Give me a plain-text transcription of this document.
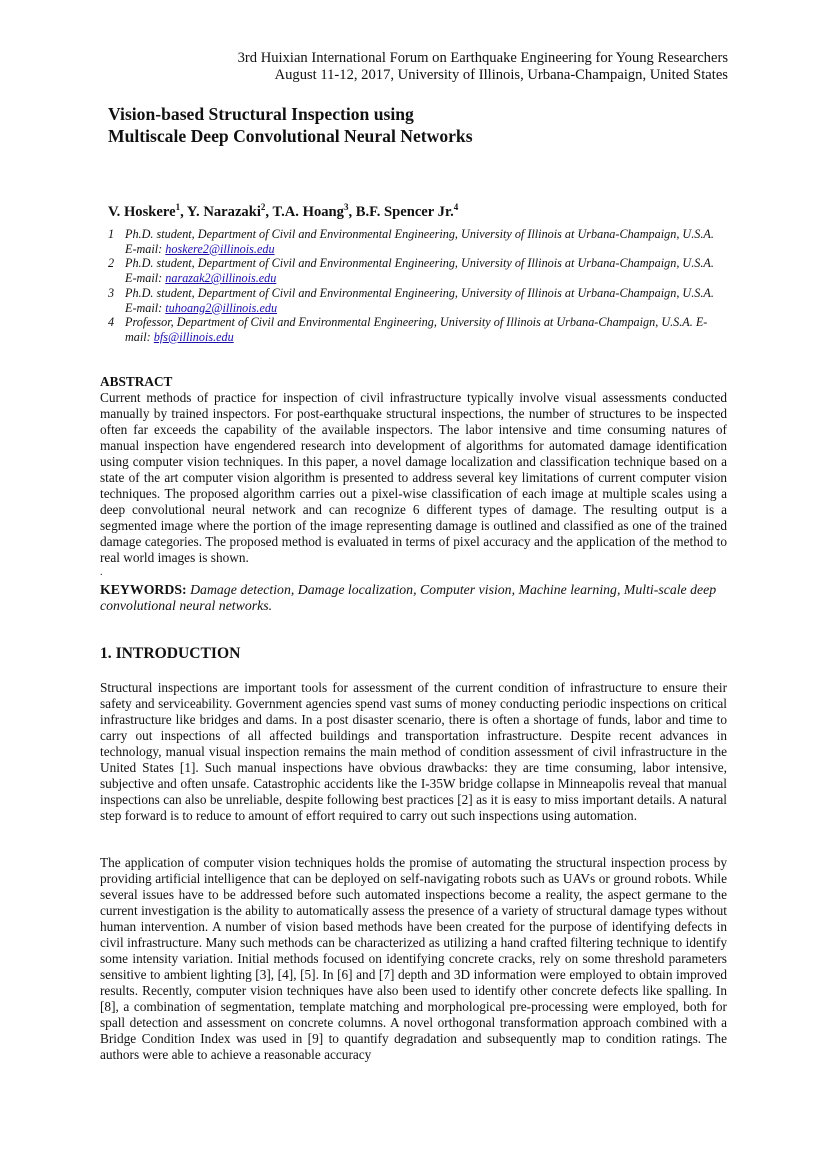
3rd Huixian International Forum on Earthquake Engineering for Young Researchers
August 11-12, 2017, University of Illinois, Urbana-Champaign, United States
Vision-based Structural Inspection using
Multiscale Deep Convolutional Neural Networks
V. Hoskere$^1$, Y. Narazaki$^2$, T.A. Hoang$^3$, B.F. Spencer Jr.$^4$
1 Ph.D. student, Department of Civil and Environmental Engineering, University of Illinois at Urbana-Champaign, U.S.A. E-mail: hoskere2@illinois.edu
2 Ph.D. student, Department of Civil and Environmental Engineering, University of Illinois at Urbana-Champaign, U.S.A. E-mail: narazak2@illinois.edu
3 Ph.D. student, Department of Civil and Environmental Engineering, University of Illinois at Urbana-Champaign, U.S.A. E-mail: tuhoang2@illinois.edu
4 Professor, Department of Civil and Environmental Engineering, University of Illinois at Urbana-Champaign, U.S.A. E-mail: bfs@illinois.edu
ABSTRACT
Current methods of practice for inspection of civil infrastructure typically involve visual assessments conducted manually by trained inspectors. For post-earthquake structural inspections, the number of structures to be inspected often far exceeds the capability of the available inspectors. The labor intensive and time consuming natures of manual inspection have engendered research into development of algorithms for automated damage identification using computer vision techniques. In this paper, a novel damage localization and classification technique based on a state of the art computer vision algorithm is presented to address several key limitations of current computer vision techniques. The proposed algorithm carries out a pixel-wise classification of each image at multiple scales using a deep convolutional neural network and can recognize 6 different types of damage. The resulting output is a segmented image where the portion of the image representing damage is outlined and classified as one of the trained damage categories. The proposed method is evaluated in terms of pixel accuracy and the application of the method to real world images is shown.
.
KEYWORDS: Damage detection, Damage localization, Computer vision, Machine learning, Multi-scale deep convolutional neural networks.
1. INTRODUCTION
Structural inspections are important tools for assessment of the current condition of infrastructure to ensure their safety and serviceability. Government agencies spend vast sums of money conducting periodic inspections on critical infrastructure like bridges and dams. In a post disaster scenario, there is often a shortage of funds, labor and time to carry out inspections of all affected buildings and transportation infrastructure. Despite recent advances in technology, manual visual inspection remains the main method of condition assessment of civil infrastructure in the United States [1]. Such manual inspections have obvious drawbacks: they are time consuming, labor intensive, subjective and often unsafe. Catastrophic accidents like the I-35W bridge collapse in Minneapolis reveal that manual inspections can also be unreliable, despite following best practices [2] as it is easy to miss important details. A natural step forward is to reduce to amount of effort required to carry out such inspections using automation.
The application of computer vision techniques holds the promise of automating the structural inspection process by providing artificial intelligence that can be deployed on self-navigating robots such as UAVs or ground robots. While several issues have to be addressed before such automated inspections become a reality, the aspect germane to the current investigation is the ability to automatically assess the presence of a variety of structural damage types without human intervention. A number of vision based methods have been created for the purpose of identifying defects in civil infrastructure. Many such methods can be characterized as utilizing a hand crafted filtering technique to identify some intensity variation. Initial methods focused on identifying concrete cracks, rely on some threshold parameters sensitive to ambient lighting [3], [4], [5]. In [6] and [7] depth and 3D information were employed to obtain improved results. Recently, computer vision techniques have also been used to identify other concrete defects like spalling. In [8], a combination of segmentation, template matching and morphological pre-processing were employed, both for spall detection and assessment on concrete columns. A novel orthogonal transformation approach combined with a Bridge Condition Index was used in [9] to quantify degradation and subsequently map to condition ratings. The authors were able to achieve a reasonable accuracy
